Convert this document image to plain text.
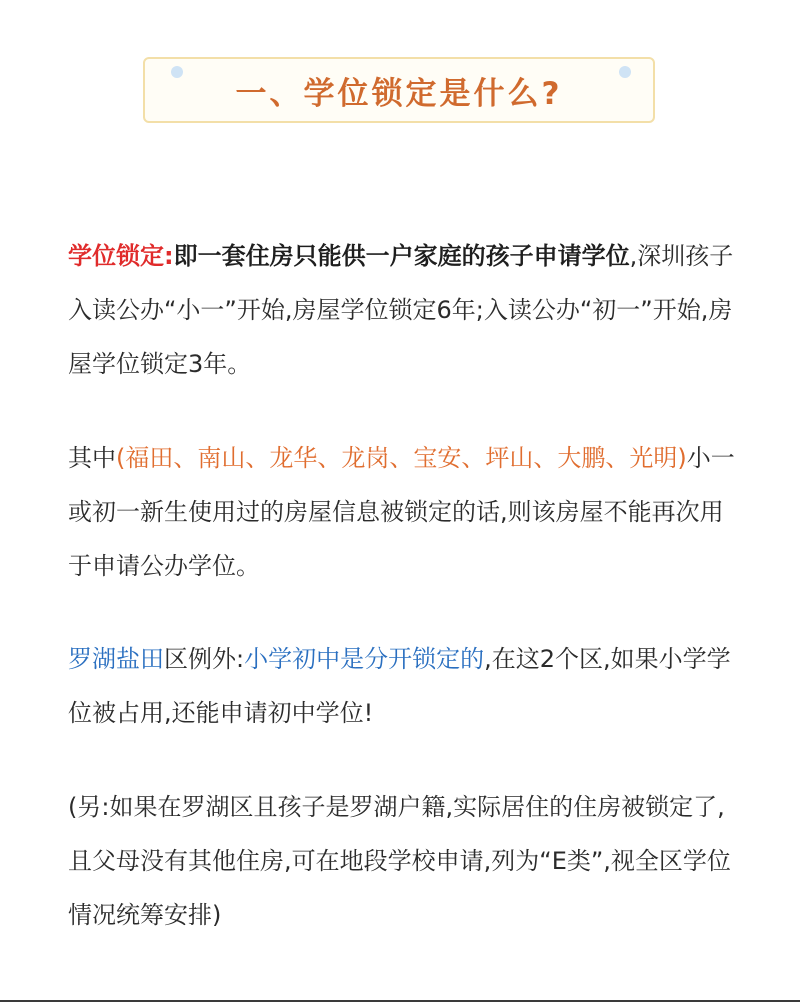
一、学位锁定是什么?

学位锁定:即一套住房只能供一户家庭的孩子申请学位,深圳孩子入读公办“小一”开始,房屋学位锁定6年;入读公办“初一”开始,房屋学位锁定3年。

其中(福田、南山、龙华、龙岗、宝安、坪山、大鹏、光明)小一或初一新生使用过的房屋信息被锁定的话,则该房屋不能再次用于申请公办学位。

罗湖盐田区例外:小学初中是分开锁定的,在这2个区,如果小学学位被占用,还能申请初中学位!

(另:如果在罗湖区且孩子是罗湖户籍,实际居住的住房被锁定了,且父母没有其他住房,可在地段学校申请,列为“E类”,视全区学位情况统筹安排)
